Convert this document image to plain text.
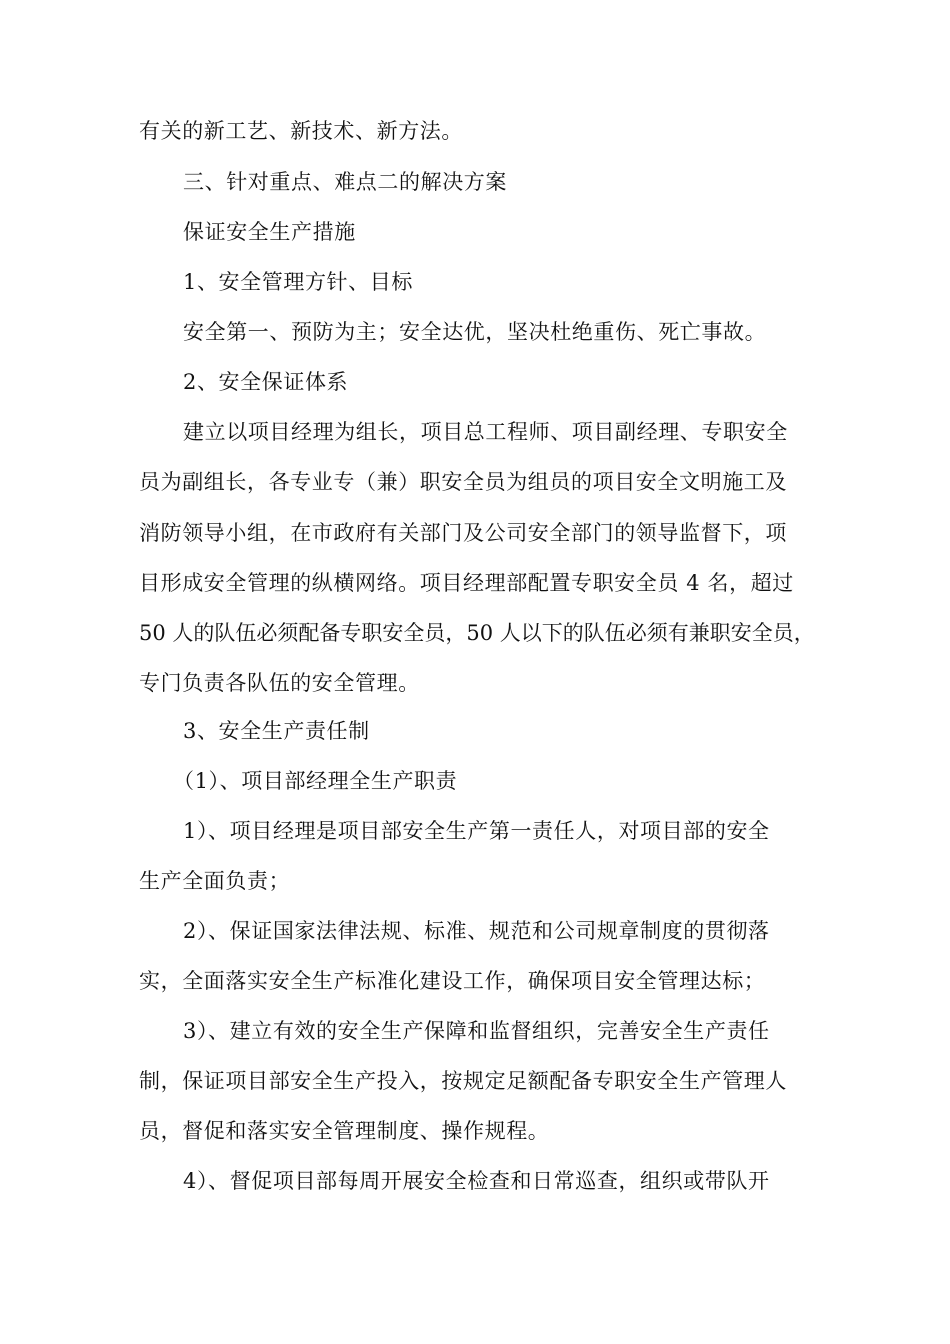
有关的新工艺、新技术、新方法。
三、针对重点、难点二的解决方案
保证安全生产措施
1、安全管理方针、目标
安全第一、预防为主；安全达优，坚决杜绝重伤、死亡事故。
2、安全保证体系
建立以项目经理为组长，项目总工程师、项目副经理、专职安全
员为副组长，各专业专（兼）职安全员为组员的项目安全文明施工及
消防领导小组，在市政府有关部门及公司安全部门的领导监督下，项
目形成安全管理的纵横网络。项目经理部配置专职安全员 4 名，超过
50 人的队伍必须配备专职安全员，50 人以下的队伍必须有兼职安全员，
专门负责各队伍的安全管理。
3、安全生产责任制
（1）、项目部经理全生产职责
1）、项目经理是项目部安全生产第一责任人，对项目部的安全
生产全面负责；
2）、保证国家法律法规、标准、规范和公司规章制度的贯彻落
实，全面落实安全生产标准化建设工作，确保项目安全管理达标；
3）、建立有效的安全生产保障和监督组织，完善安全生产责任
制，保证项目部安全生产投入，按规定足额配备专职安全生产管理人
员，督促和落实安全管理制度、操作规程。
4）、督促项目部每周开展安全检查和日常巡查，组织或带队开
